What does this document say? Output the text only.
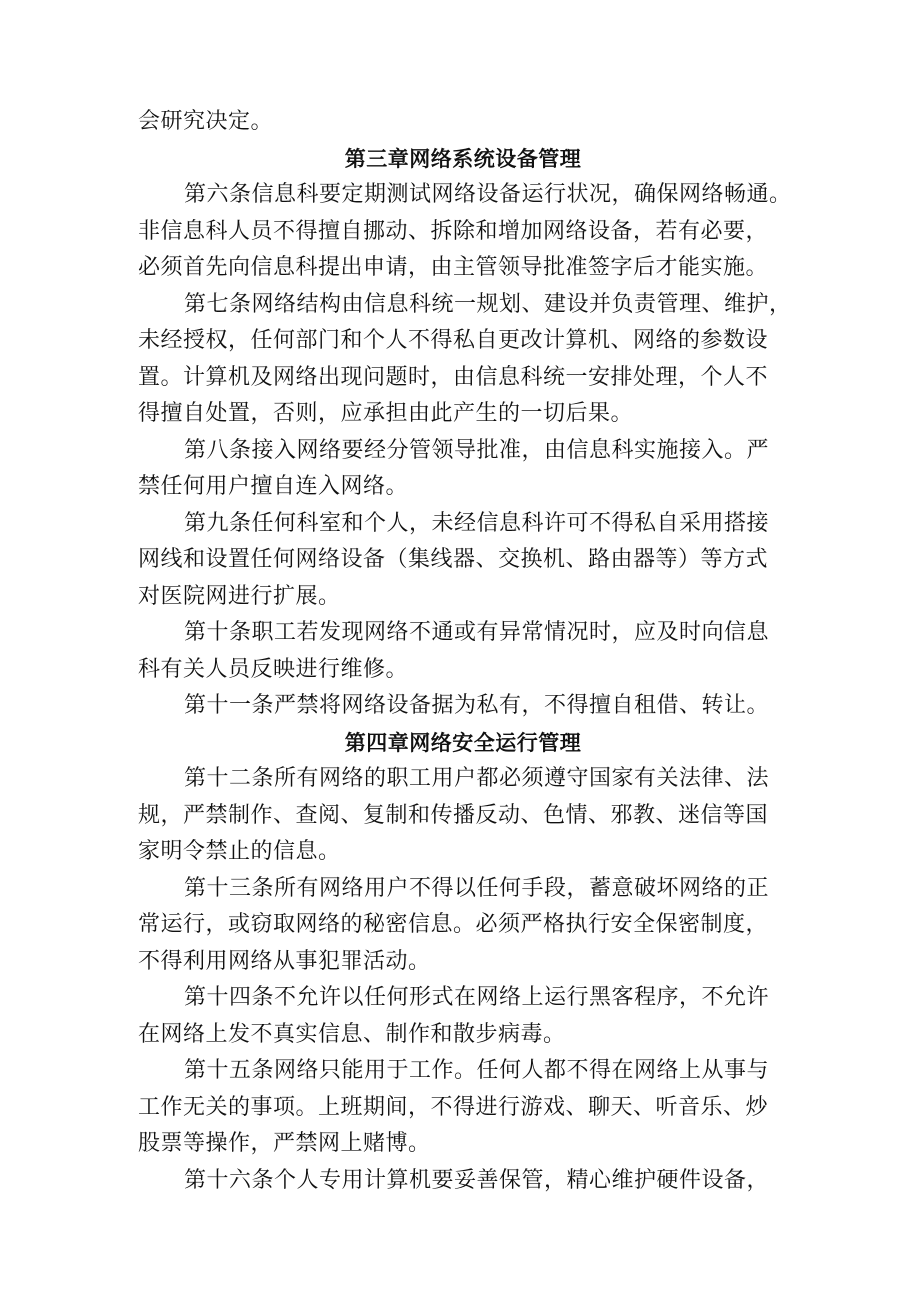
会研究决定。
第三章网络系统设备管理
第六条信息科要定期测试网络设备运行状况，确保网络畅通。
非信息科人员不得擅自挪动、拆除和增加网络设备，若有必要，
必须首先向信息科提出申请，由主管领导批准签字后才能实施。
第七条网络结构由信息科统一规划、建设并负责管理、维护，
未经授权，任何部门和个人不得私自更改计算机、网络的参数设
置。计算机及网络出现问题时，由信息科统一安排处理，个人不
得擅自处置，否则，应承担由此产生的一切后果。
第八条接入网络要经分管领导批准，由信息科实施接入。严
禁任何用户擅自连入网络。
第九条任何科室和个人，未经信息科许可不得私自采用搭接
网线和设置任何网络设备（集线器、交换机、路由器等）等方式
对医院网进行扩展。
第十条职工若发现网络不通或有异常情况时，应及时向信息
科有关人员反映进行维修。
第十一条严禁将网络设备据为私有，不得擅自租借、转让。
第四章网络安全运行管理
第十二条所有网络的职工用户都必须遵守国家有关法律、法
规，严禁制作、查阅、复制和传播反动、色情、邪教、迷信等国
家明令禁止的信息。
第十三条所有网络用户不得以任何手段，蓄意破坏网络的正
常运行，或窃取网络的秘密信息。必须严格执行安全保密制度，
不得利用网络从事犯罪活动。
第十四条不允许以任何形式在网络上运行黑客程序，不允许
在网络上发不真实信息、制作和散步病毒。
第十五条网络只能用于工作。任何人都不得在网络上从事与
工作无关的事项。上班期间，不得进行游戏、聊天、听音乐、炒
股票等操作，严禁网上赌博。
第十六条个人专用计算机要妥善保管，精心维护硬件设备，
